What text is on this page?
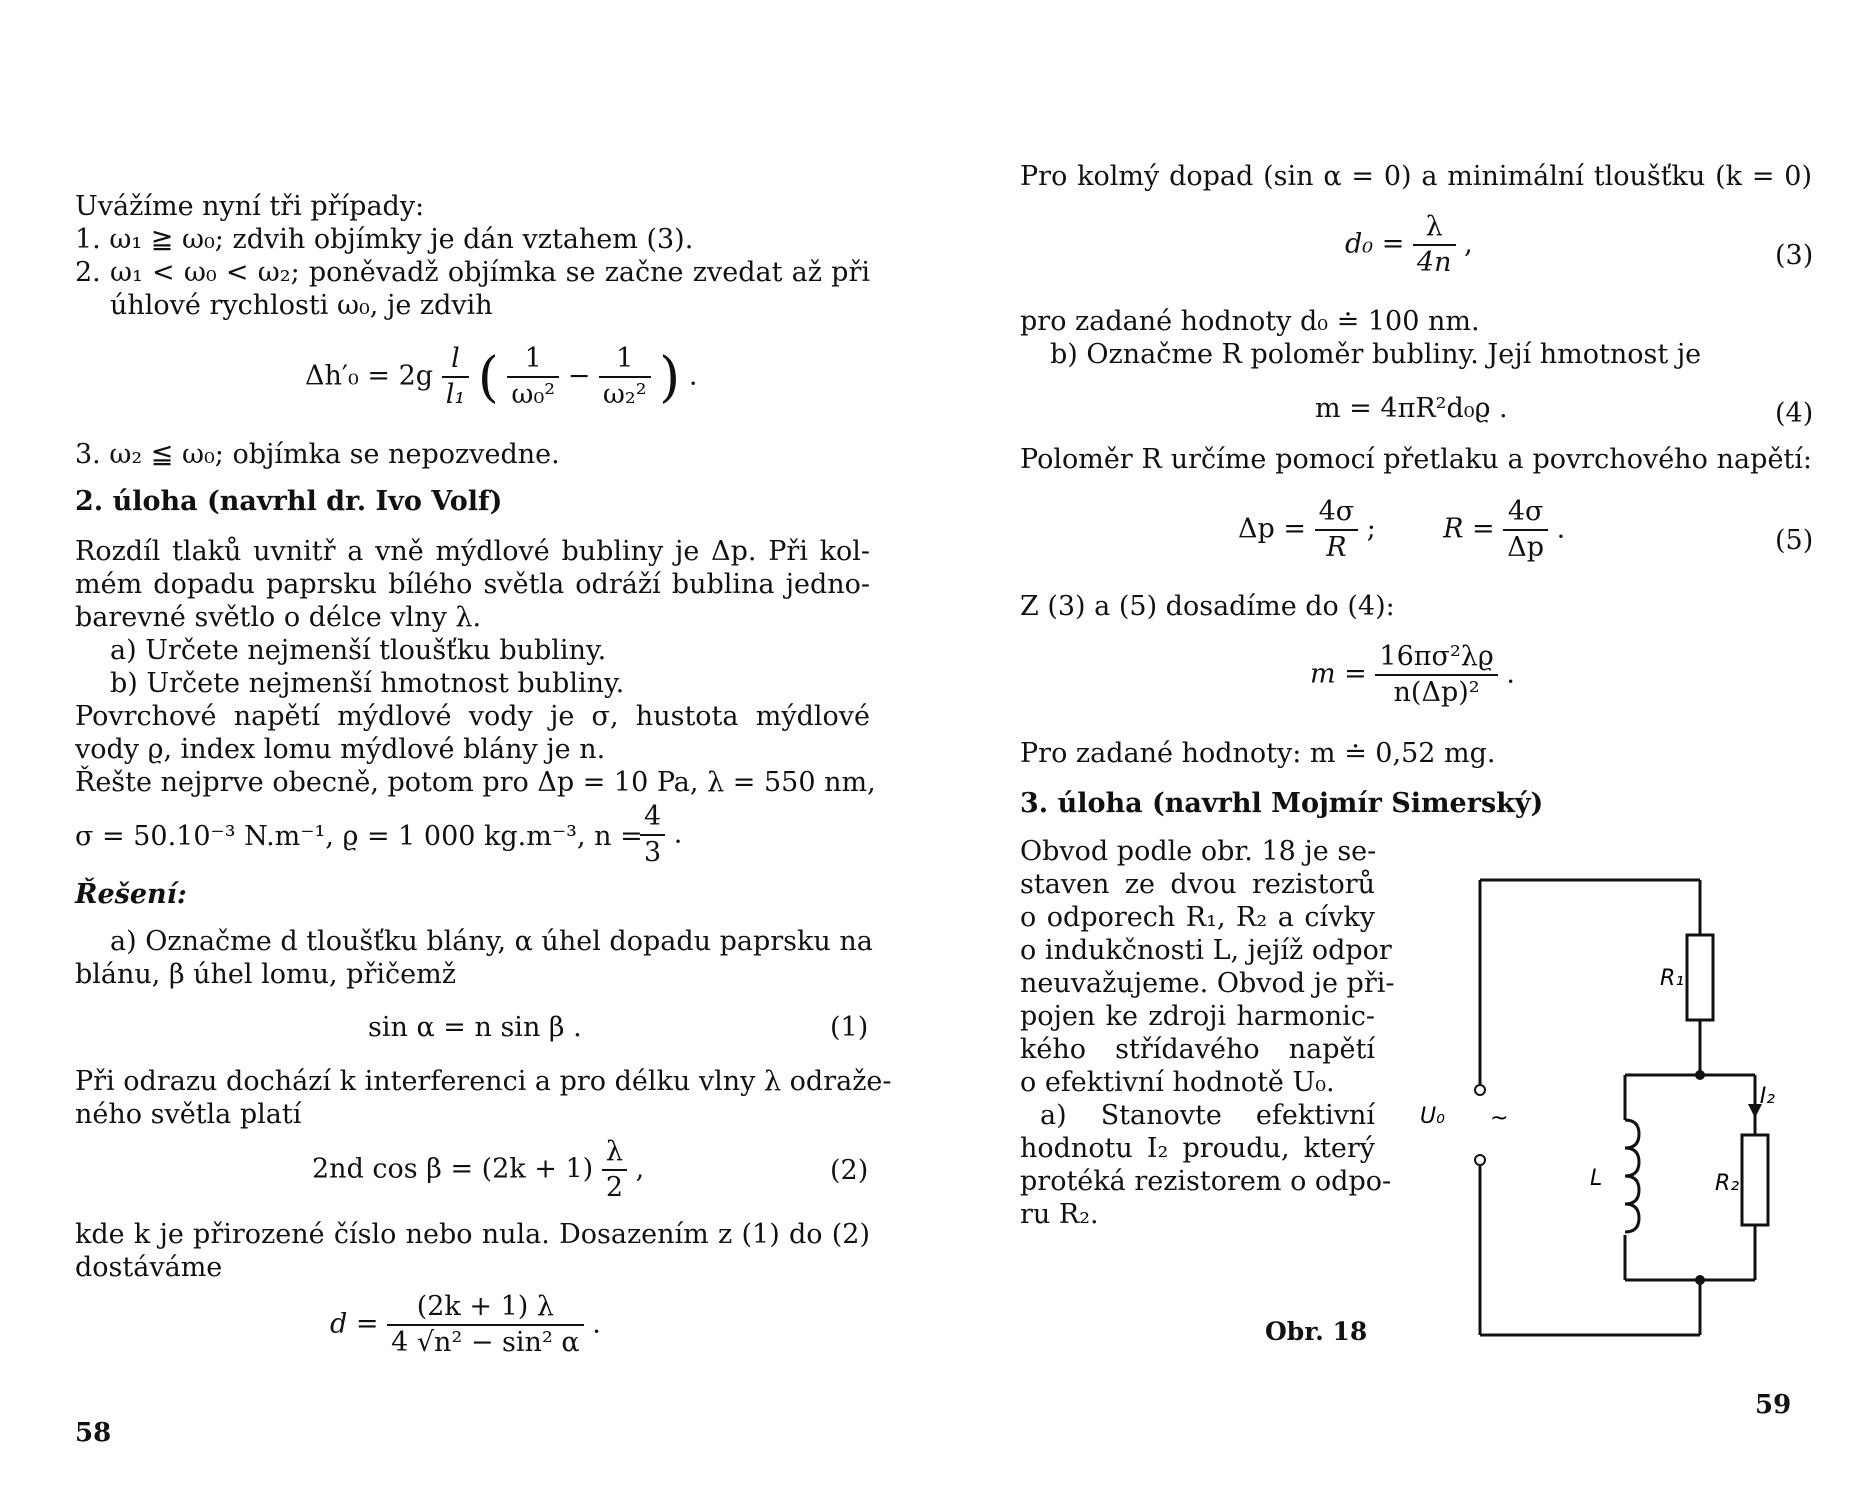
Uvážíme nyní tři případy:
1. ω₁ ≧ ω₀; zdvih objímky je dán vztahem (3).
2. ω₁ < ω₀ < ω₂; poněvadž objímka se začne zvedat až při
úhlové rychlosti ω₀, je zdvih
$\Delta h'_0 = 2g \frac{l}{\text{l₁}}$ ( $\frac{1}{\text{ω₀²}} - \frac{1}{\text{ω₂²}}$ ) .
3. ω₂ ≦ ω₀; objímka se nepozvedne.
2. úloha (navrhl dr. Ivo Volf)
Rozdíl tlaků uvnitř a vně mýdlové bubliny je Δp. Při kol-
mém dopadu paprsku bílého světla odráží bublina jedno-
barevné světlo o délce vlny λ.
a) Určete nejmenší tloušťku bubliny.
b) Určete nejmenší hmotnost bubliny.
Povrchové napětí mýdlové vody je σ, hustota mýdlové
vody ϱ, index lomu mýdlové blány je n.
Řešte nejprve obecně, potom pro Δp = 10 Pa, λ = 550 nm,
σ = 50.10⁻³ N.m⁻¹, ϱ = 1 000 kg.m⁻³, n =
$\frac{4}{3}$ .
Řešení:
a) Označme d tloušťku blány, α úhel dopadu paprsku na
blánu, β úhel lomu, přičemž
sin α = n sin β .	(1)
Při odrazu dochází k interferenci a pro délku vlny λ odraže-
ného světla platí
2nd $\cos \beta = (2k + 1) \frac{\lambda}{2}$ ,	(2)
kde k je přirozené číslo nebo nula. Dosazením z (1) do (2)
dostáváme
$d = \frac{(2k + 1) \lambda}{\text{4 √n² − sin² α}}$ .
58
Pro kolmý dopad (sin α = 0) a minimální tloušťku (k = 0)
$d_0 = \frac{\lambda}{4n}$ ,	(3)
pro zadané hodnoty d₀ ≐ 100 nm.
b) Označme R poloměr bubliny. Její hmotnost je
m = 4πR²d₀ϱ .	(4)
Poloměr R určíme pomocí přetlaku a povrchového napětí:
$\Delta p = \frac{4\sigma}{R}$ ; $R = \frac{4\sigma}{\Delta p}$ .	(5)
Z (3) a (5) dosadíme do (4):
$m = \frac{\text{16πσ²λϱ}}{\text{n(Δp)²}}$ .
Pro zadané hodnoty: m ≐ 0,52 mg.
3. úloha (navrhl Mojmír Simerský)
Obvod podle obr. 18 je se-
staven ze dvou rezistorů
o odporech R₁, R₂ a cívky
o indukčnosti L, jejíž odpor
neuvažujeme. Obvod je při-
pojen ke zdroji harmonic-
kého střídavého napětí
o efektivní hodnotě U₀.
a) Stanovte efektivní
hodnotu I₂ proudu, který
protéká rezistorem o odpo-
ru R₂.
R₁
R₂
L
I₂
U₀ ~
Obr. 18
59
